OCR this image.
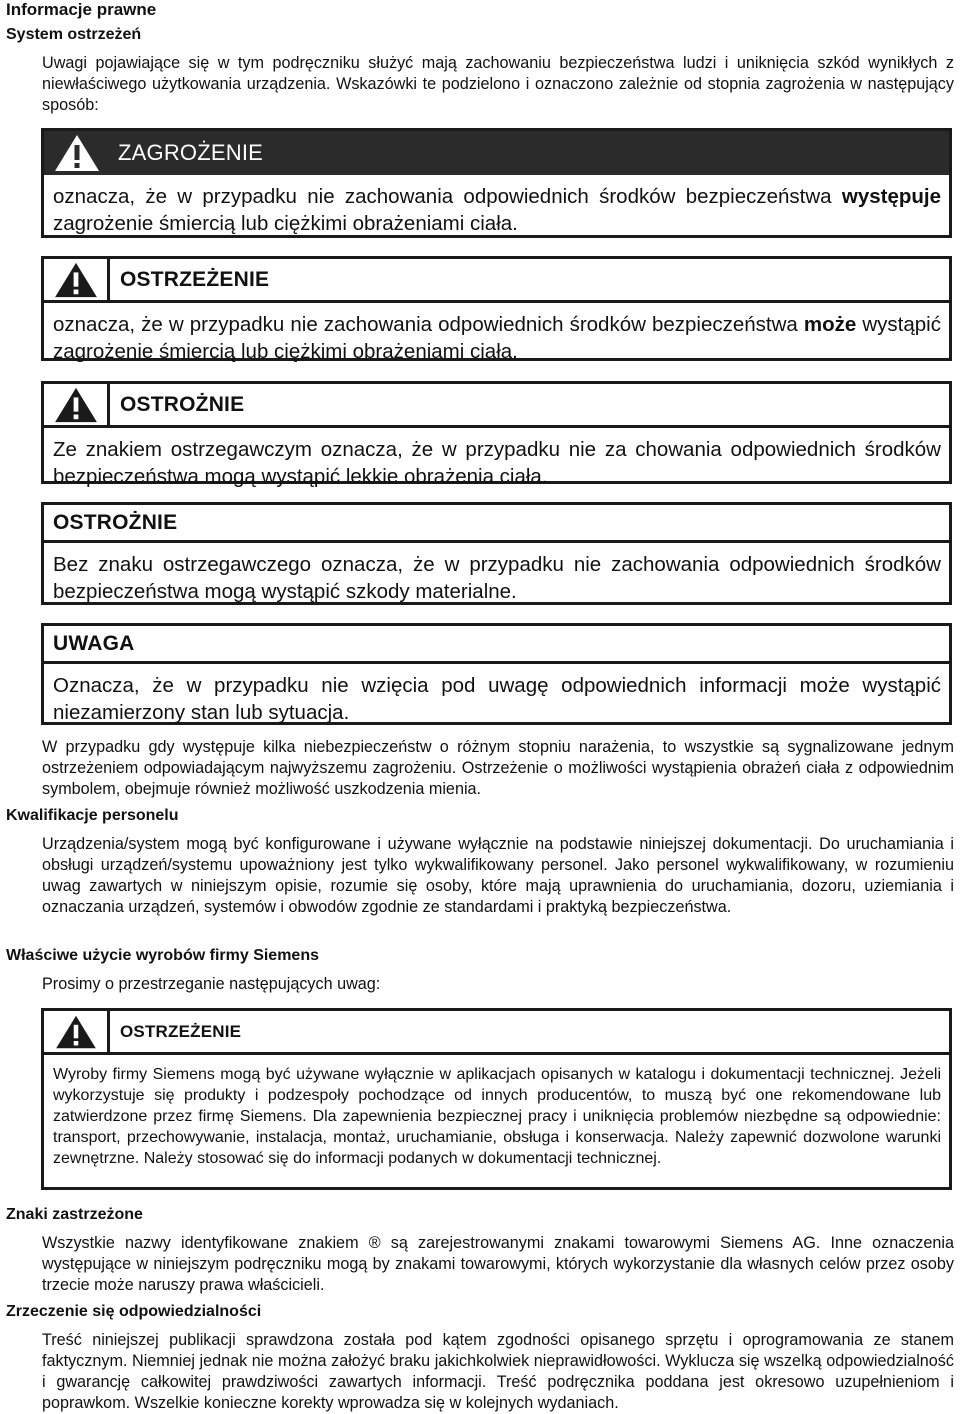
Informacje prawne
System ostrzeżeń

Uwagi pojawiające się w tym podręczniku służyć mają zachowaniu bezpieczeństwa ludzi i uniknięcia szkód wynikłych z niewłaściwego użytkowania urządzenia. Wskazówki te podzielono i oznaczono zależnie od stopnia zagrożenia w następujący sposób:

ZAGROŻENIE
oznacza, że w przypadku nie zachowania odpowiednich środków bezpieczeństwa występuje zagrożenie śmiercią lub ciężkimi obrażeniami ciała.
OSTRZEŻENIE
oznacza, że w przypadku nie zachowania odpowiednich środków bezpieczeństwa może wystąpić zagrożenie śmiercią lub ciężkimi obrażeniami ciała.
OSTROŻNIE
Ze znakiem ostrzegawczym oznacza, że w przypadku nie za chowania odpowiednich środków bezpieczeństwa mogą wystąpić lekkie obrażenia ciała.
OSTROŻNIE
Bez znaku ostrzegawczego oznacza, że w przypadku nie zachowania odpowiednich środków bezpieczeństwa mogą wystąpić szkody materialne.
UWAGA
Oznacza, że w przypadku nie wzięcia pod uwagę odpowiednich informacji może wystąpić niezamierzony stan lub sytuacja.

W przypadku gdy występuje kilka niebezpieczeństw o różnym stopniu narażenia, to wszystkie są sygnalizowane jednym ostrzeżeniem odpowiadającym najwyższemu zagrożeniu. Ostrzeżenie o możliwości wystąpienia obrażeń ciała z odpowiednim symbolem, obejmuje również możliwość uszkodzenia mienia.

Kwalifikacje personelu

Urządzenia/system mogą być konfigurowane i używane wyłącznie na podstawie niniejszej dokumentacji. Do uruchamiania i obsługi urządzeń/systemu upoważniony jest tylko wykwalifikowany personel. Jako personel wykwalifikowany, w rozumieniu uwag zawartych w niniejszym opisie, rozumie się osoby, które mają uprawnienia do uruchamiania, dozoru, uziemiania i oznaczania urządzeń, systemów i obwodów zgodnie ze standardami i praktyką bezpieczeństwa.

Właściwe użycie wyrobów firmy Siemens

Prosimy o przestrzeganie następujących uwag:

OSTRZEŻENIE
Wyroby firmy Siemens mogą być używane wyłącznie w aplikacjach opisanych w katalogu i dokumentacji technicznej. Jeżeli wykorzystuje się produkty i podzespoły pochodzące od innych producentów, to muszą być one rekomendowane lub zatwierdzone przez firmę Siemens. Dla zapewnienia bezpiecznej pracy i uniknięcia problemów niezbędne są odpowiednie: transport, przechowywanie, instalacja, montaż, uruchamianie, obsługa i konserwacja. Należy zapewnić dozwolone warunki zewnętrzne. Należy stosować się do informacji podanych w dokumentacji technicznej.
Znaki zastrzeżone

Wszystkie nazwy identyfikowane znakiem ® są zarejestrowanymi znakami towarowymi Siemens AG. Inne oznaczenia występujące w niniejszym podręczniku mogą by znakami towarowymi, których wykorzystanie dla własnych celów przez osoby trzecie może naruszy prawa właścicieli.

Zrzeczenie się odpowiedzialności

Treść niniejszej publikacji sprawdzona została pod kątem zgodności opisanego sprzętu i oprogramowania ze stanem faktycznym. Niemniej jednak nie można założyć braku jakichkolwiek nieprawidłowości. Wyklucza się wszelką odpowiedzialność i gwarancję całkowitej prawdziwości zawartych informacji. Treść podręcznika poddana jest okresowo uzupełnieniom i poprawkom. Wszelkie konieczne korekty wprowadza się w kolejnych wydaniach.
